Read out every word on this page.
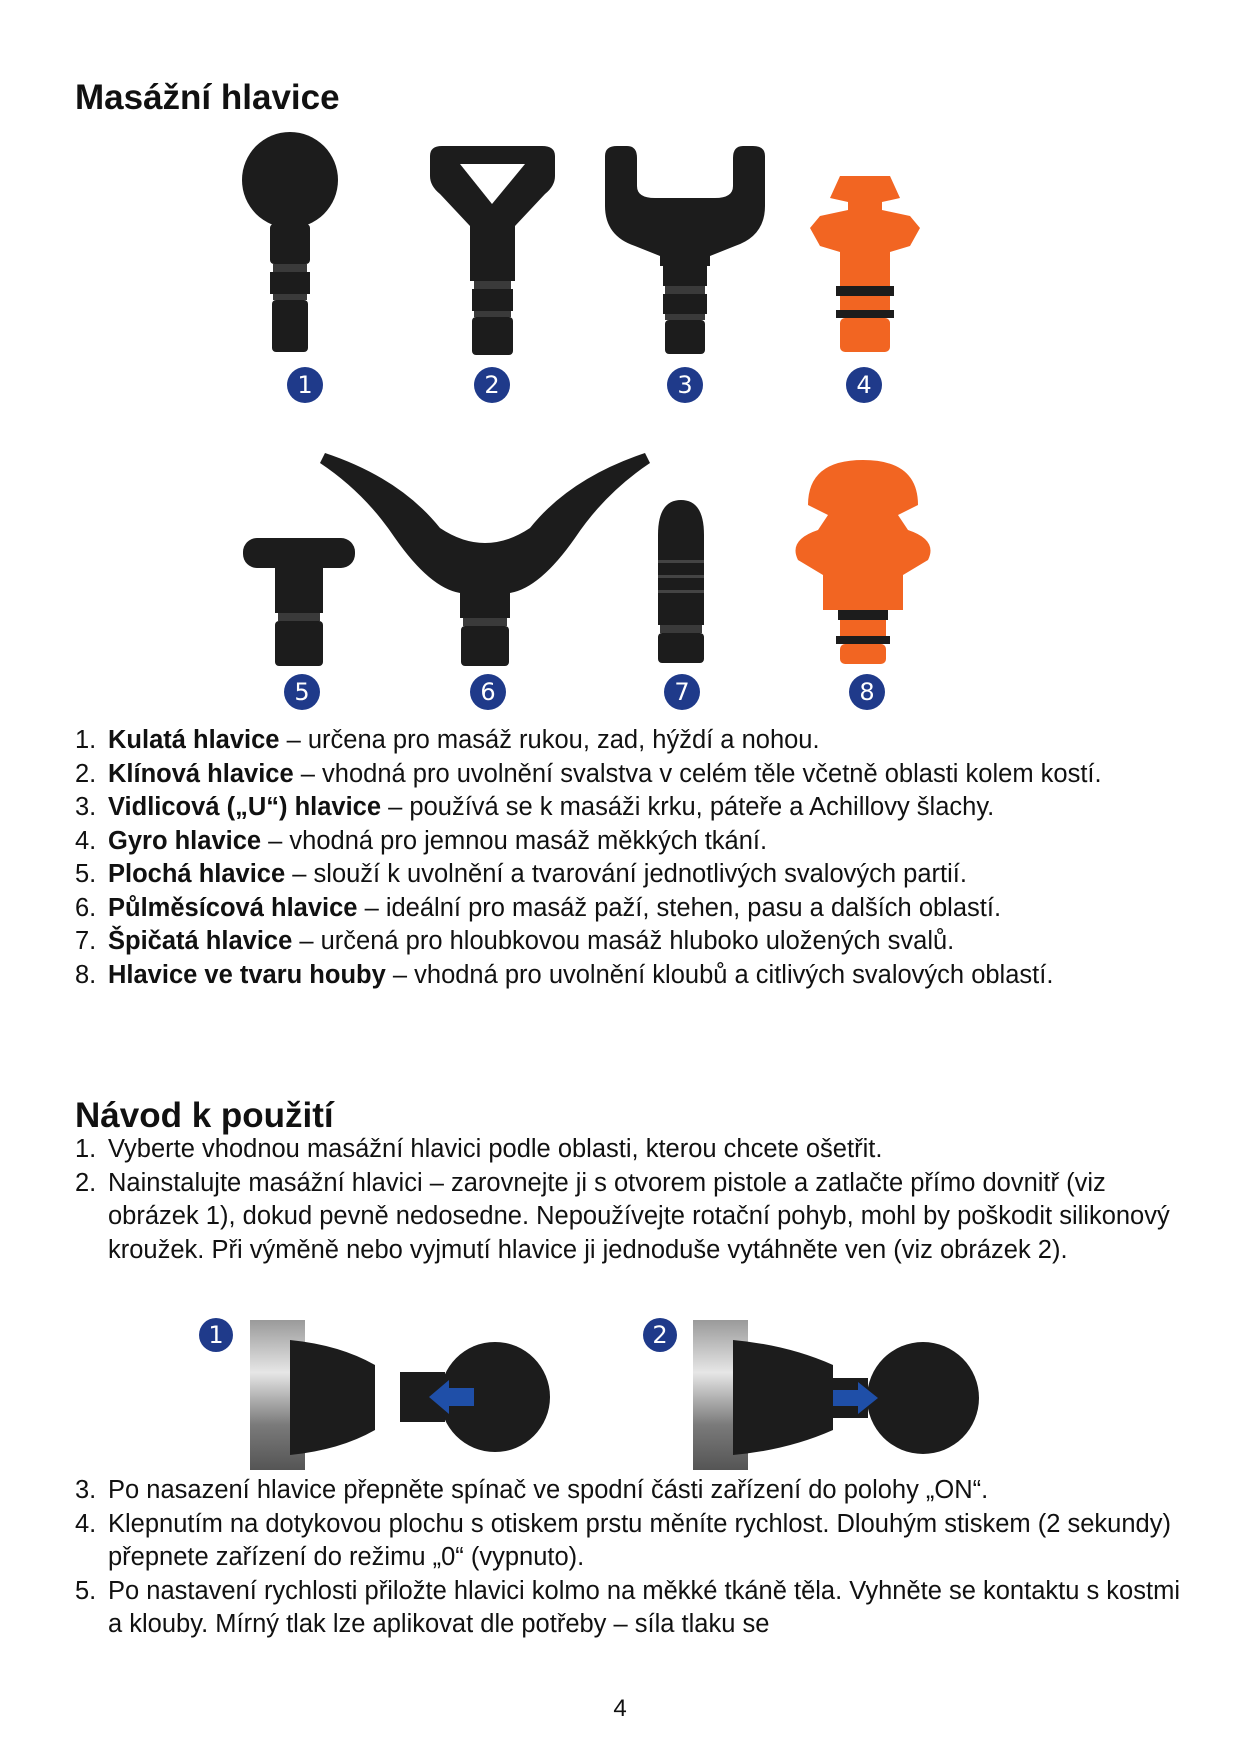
Masážní hlavice
1	2	3	4
5	6	7	8
1. Kulatá hlavice – určena pro masáž rukou, zad, hýždí a nohou.
2. Klínová hlavice – vhodná pro uvolnění svalstva v celém těle včetně oblasti kolem kostí.
3. Vidlicová („U“) hlavice – používá se k masáži krku, páteře a Achillovy šlachy.
4. Gyro hlavice – vhodná pro jemnou masáž měkkých tkání.
5. Plochá hlavice – slouží k uvolnění a tvarování jednotlivých svalových partií.
6. Půlměsícová hlavice – ideální pro masáž paží, stehen, pasu a dalších oblastí.
7. Špičatá hlavice – určená pro hloubkovou masáž hluboko uložených svalů.
8. Hlavice ve tvaru houby – vhodná pro uvolnění kloubů a citlivých svalových oblastí.
Návod k použití
1. Vyberte vhodnou masážní hlavici podle oblasti, kterou chcete ošetřit.
2. Nainstalujte masážní hlavici – zarovnejte ji s otvorem pistole a zatlačte přímo dovnitř (viz obrázek 1), dokud pevně nedosedne. Nepoužívejte rotační pohyb, mohl by poškodit silikonový kroužek. Při výměně nebo vyjmutí hlavice ji jednoduše vytáhněte ven (viz obrázek 2).
1	2
3. Po nasazení hlavice přepněte spínač ve spodní části zařízení do polohy „ON“.
4. Klepnutím na dotykovou plochu s otiskem prstu měníte rychlost. Dlouhým stiskem (2 sekundy) přepnete zařízení do režimu „0“ (vypnuto).
5. Po nastavení rychlosti přiložte hlavici kolmo na měkké tkáně těla. Vyhněte se kontaktu s kostmi a klouby. Mírný tlak lze aplikovat dle potřeby – síla tlaku se
4
